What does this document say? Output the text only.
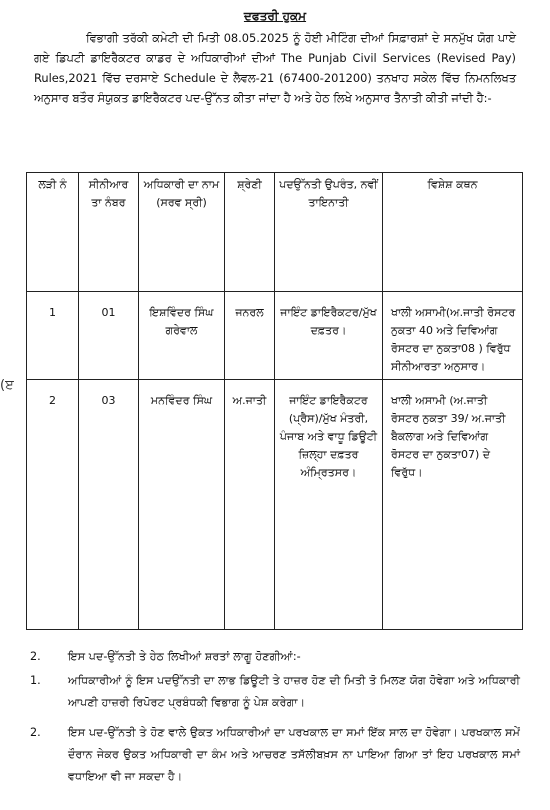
ਦਫਤਰੀ ਹੁਕਮ
ਵਿਭਾਗੀ ਤਰੱਕੀ ਕਮੇਟੀ ਦੀ ਮਿਤੀ 08.05.2025 ਨੂੰ ਹੋਈ ਮੀਟਿੰਗ ਦੀਆਂ ਸਿਫ਼ਾਰਸ਼ਾਂ ਦੇ ਸਨਮੁੱਖ ਯੋਗ ਪਾਏ ਗਏ ਡਿਪਟੀ ਡਾਇਰੈਕਟਰ ਕਾਡਰ ਦੇ ਅਧਿਕਾਰੀਆਂ ਦੀਆਂ The Punjab Civil Services (Revised Pay) Rules,2021 ਵਿੱਚ ਦਰਸਾਏ Schedule ਦੇ ਲੈਵਲ-21 (67400-201200) ਤਨਖਾਹ ਸਕੇਲ ਵਿੱਚ ਨਿਮਨਲਿਖਤ ਅਨੁਸਾਰ ਬਤੌਰ ਸੰਯੁਕਤ ਡਾਇਰੈਕਟਰ ਪਦ-ਉੱਨਤ ਕੀਤਾ ਜਾਂਦਾ ਹੈ ਅਤੇ ਹੇਠ ਲਿਖੇ ਅਨੁਸਾਰ ਤੈਨਾਤੀ ਕੀਤੀ ਜਾਂਦੀ ਹੈ:-
(ੲ
ਲੜੀ ਨੰ	ਸੀਨੀਆਰ ਤਾ ਨੰਬਰ	ਅਧਿਕਾਰੀ ਦਾ ਨਾਮ (ਸਰਵ ਸ੍ਰੀ)	ਸ਼੍ਰੇਣੀ	ਪਦਉੱਨਤੀ ਉਪਰੰਤ, ਨਵੀਂ ਤਾਇਨਾਤੀ	ਵਿਸ਼ੇਸ਼ ਕਥਨ
1	01	ਇਸ਼ਵਿੰਦਰ ਸਿੰਘ ਗਰੇਵਾਲ	ਜਨਰਲ	ਜਾਇੰਟ ਡਾਇਰੈਕਟਰ/ਮੁੱਖ ਦਫ਼ਤਰ।	ਖਾਲੀ ਅਸਾਮੀ(ਅ.ਜਾਤੀ ਰੋਸਟਰ ਨੁਕਤਾ 40 ਅਤੇ ਦਿਵਿਆਂਗ ਰੋਸਟਰ ਦਾ ਨੁਕਤਾ08 ) ਵਿਰੁੱਧ ਸੀਨੀਆਰਤਾ ਅਨੁਸਾਰ।
2	03	ਮਨਵਿੰਦਰ ਸਿੰਘ	ਅ.ਜਾਤੀ	ਜਾਇੰਟ ਡਾਇਰੈਕਟਰ (ਪ੍ਰੈਸ)/ਮੁੱਖ ਮੰਤਰੀ, ਪੰਜਾਬ ਅਤੇ ਵਾਧੂ ਡਿਊਟੀ ਜ਼ਿਲ੍ਹਾ ਦਫ਼ਤਰ ਅੰਮ੍ਰਿਤਸਰ।	ਖਾਲੀ ਅਸਾਮੀ (ਅ.ਜਾਤੀ ਰੋਸਟਰ ਨੁਕਤਾ 39/ ਅ.ਜਾਤੀ ਬੈਕਲਾਗ ਅਤੇ ਦਿਵਿਆਂਗ ਰੋਸਟਰ ਦਾ ਨੁਕਤਾ07) ਦੇ ਵਿਰੁੱਧ।
2.	ਇਸ ਪਦ-ਉੱਨਤੀ ਤੇ ਹੇਠ ਲਿਖੀਆਂ ਸ਼ਰਤਾਂ ਲਾਗੂ ਹੋਣਗੀਆਂ:-
1.	ਅਧਿਕਾਰੀਆਂ ਨੂੰ ਇਸ ਪਦਉੱਨਤੀ ਦਾ ਲਾਭ ਡਿਊਟੀ ਤੇ ਹਾਜ਼ਰ ਹੋਣ ਦੀ ਮਿਤੀ ਤੋ ਮਿਲਣ ਯੋਗ ਹੋਵੇਗਾ ਅਤੇ ਅਧਿਕਾਰੀ ਆਪਣੀ ਹਾਜ਼ਰੀ ਰਿਪੋਰਟ ਪ੍ਰਬੰਧਕੀ ਵਿਭਾਗ ਨੂੰ ਪੇਸ਼ ਕਰੇਗਾ।
2.	ਇਸ ਪਦ-ਉੱਨਤੀ ਤੇ ਹੋਣ ਵਾਲੇ ਉਕਤ ਅਧਿਕਾਰੀਆਂ ਦਾ ਪਰਖਕਾਲ ਦਾ ਸਮਾਂ ਇੱਕ ਸਾਲ ਦਾ ਹੋਵੇਗਾ। ਪਰਖਕਾਲ ਸਮੇਂ ਦੌਰਾਨ ਜੇਕਰ ਉਕਤ ਅਧਿਕਾਰੀ ਦਾ ਕੰਮ ਅਤੇ ਆਚਰਣ ਤਸੱਲੀਬਖ਼ਸ ਨਾ ਪਾਇਆ ਗਿਆ ਤਾਂ ਇਹ ਪਰਖਕਾਲ ਸਮਾਂ ਵਧਾਇਆ ਵੀ ਜਾ ਸਕਦਾ ਹੈ।
